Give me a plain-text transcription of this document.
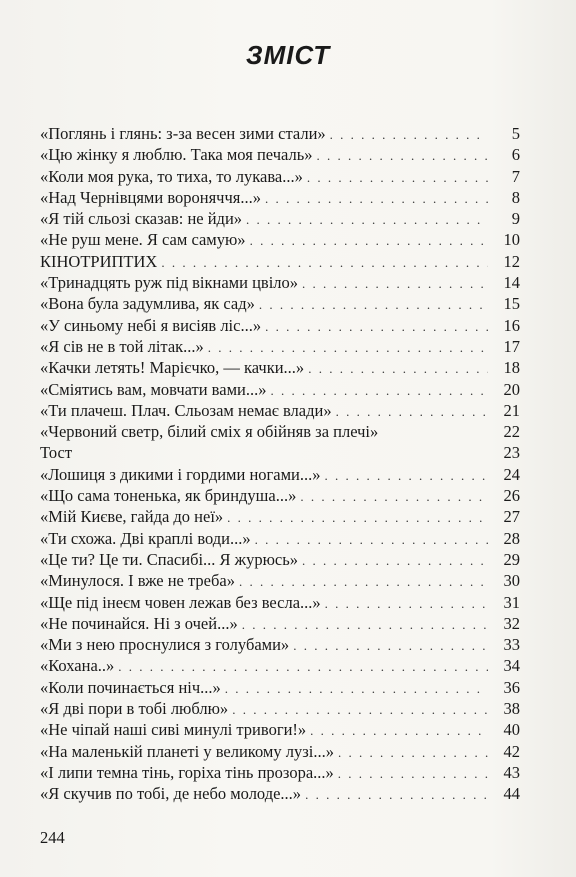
ЗМІСТ
«Поглянь і глянь: з-за весен зими стали» . . .	5
«Цю жінку я люблю. Така моя печаль» . . .	6
«Коли моя рука, то тиха, то лукава...» . . .	7
«Над Чернівцями вороняччя...» . . .	8
«Я тій сльозі сказав: не йди» . . .	9
«Не руш мене. Я сам самую» . . .	10
КІНОТРИПТИХ . . .	12
«Тринадцять руж під вікнами цвіло» . . .	14
«Вона була задумлива, як сад» . . .	15
«У синьому небі я висіяв ліс...» . . .	16
«Я сів не в той літак...» . . .	17
«Качки летять! Марієчко, — качки...» . . .	18
«Сміятись вам, мовчати вами...» . . .	20
«Ти плачеш. Плач. Сльозам немає влади» . . .	21
«Червоний светр, білий сміх я обійняв за плечі»	22
Тост	23
«Лошиця з дикими і гордими ногами...» . . .	24
«Що сама тоненька, як бриндуша...» . . .	26
«Мій Києве, гайда до неї» . . .	27
«Ти схожа. Дві краплі води...» . . .	28
«Це ти? Це ти. Спасибі... Я журюсь» . . .	29
«Минулося. І вже не треба» . . .	30
«Ще під інеєм човен лежав без весла...» . . .	31
«Не починайся. Ні з очей...» . . .	32
«Ми з нею проснулися з голубами» . . .	33
«Кохана..» . . .	34
«Коли починається ніч...» . . .	36
«Я дві пори в тобі люблю» . . .	38
«Не чіпай наші сиві минулі тривоги!» . . .	40
«На маленькій планеті у великому лузі...» . . .	42
«І липи темна тінь, горіха тінь прозора...» . . .	43
«Я скучив по тобі, де небо молоде...» . . .	44
244
